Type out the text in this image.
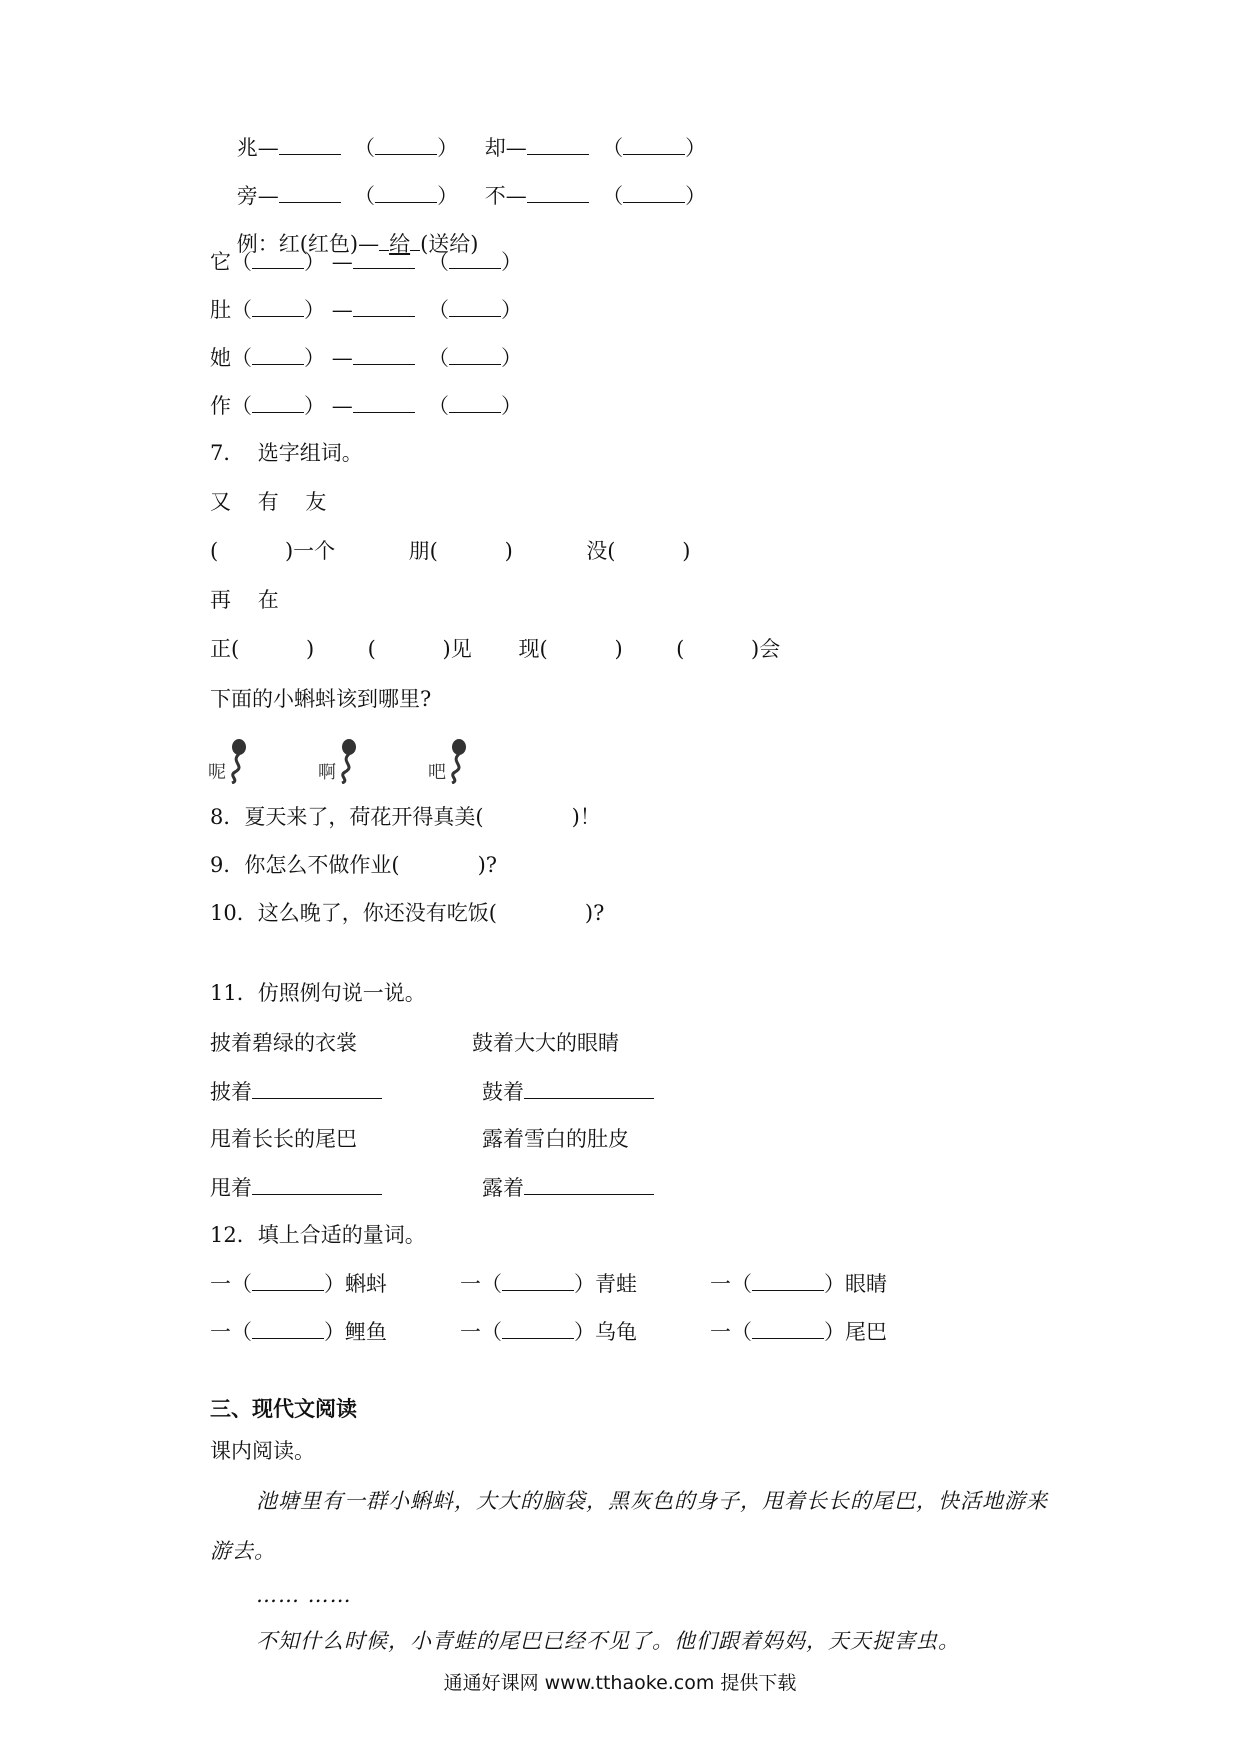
兆—	（	）    却—	（	）

旁—	（	）    不—	（	）

例：红(红色)— 给 (送给)

它（ ） —	（ ）
肚（ ） —	（ ）
她（ ） —	（ ）
作（ ） —	（ ）
7．  选字组词。
又 有 友
(	)一个	朋(	)	没(	)
再 在
正(	)	(	)见 现(	)	(	)会
下面的小蝌蚪该到哪里?
呢	啊	吧
8．夏天来了，荷花开得真美(	)！
9．你怎么不做作业(	)?
10．这么晚了，你还没有吃饭(	)?
11．仿照例句说一说。
披着碧绿的衣裳	鼓着大大的眼睛
披着	鼓着
甩着长长的尾巴	露着雪白的肚皮
甩着	露着
12．填上合适的量词。
一（	）蝌蚪	一（	）青蛙	一（	）眼睛
一（	）鲤鱼	一（	）乌龟	一（	）尾巴
三、现代文阅读
课内阅读。
池塘里有一群小蝌蚪，大大的脑袋，黑灰色的身子，甩着长长的尾巴，快活地游来
游去。
…… ……
不知什么时候，小青蛙的尾巴已经不见了。他们跟着妈妈，天天捉害虫。
通通好课网 www.tthaoke.com 提供下载
